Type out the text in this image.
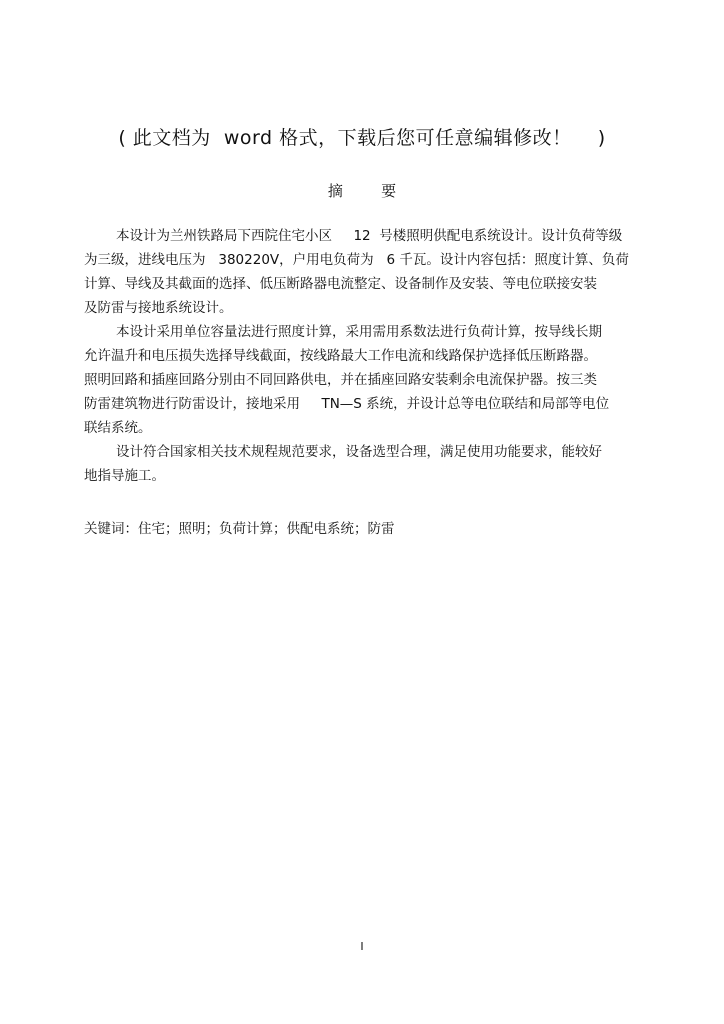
( 此文档为  word 格式，下载后您可任意编辑修改！    )
摘        要
本设计为兰州铁路局下西院住宅小区     12  号楼照明供配电系统设计。设计负荷等级
为三级，进线电压为   380220V，户用电负荷为   6 千瓦。设计内容包括：照度计算、负荷
计算、导线及其截面的选择、低压断路器电流整定、设备制作及安装、等电位联接安装
及防雷与接地系统设计。
本设计采用单位容量法进行照度计算，采用需用系数法进行负荷计算，按导线长期
允许温升和电压损失选择导线截面，按线路最大工作电流和线路保护选择低压断路器。
照明回路和插座回路分别由不同回路供电，并在插座回路安装剩余电流保护器。按三类
防雷建筑物进行防雷设计，接地采用     TN—S 系统，并设计总等电位联结和局部等电位
联结系统。
设计符合国家相关技术规程规范要求，设备选型合理，满足使用功能要求，能较好
地指导施工。
关键词：住宅；照明；负荷计算；供配电系统；防雷
I
